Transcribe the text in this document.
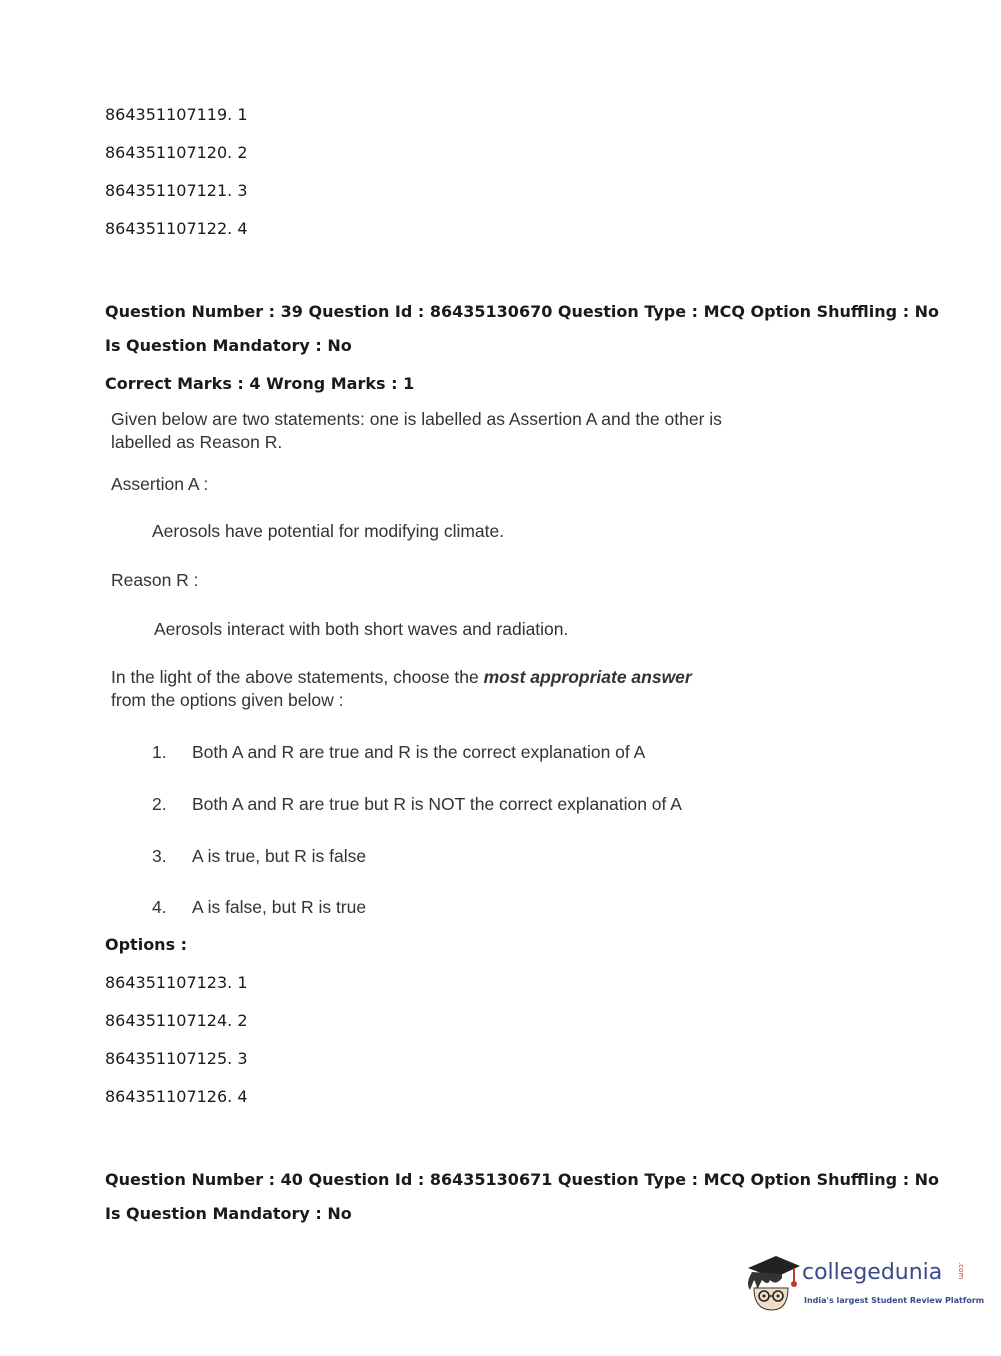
864351107119. 1
864351107120. 2
864351107121. 3
864351107122. 4
Question Number : 39 Question Id : 86435130670 Question Type : MCQ Option Shuffling : No
Is Question Mandatory : No
Correct Marks : 4 Wrong Marks : 1
Given below are two statements: one is labelled as Assertion A and the other is
labelled as Reason R.
Assertion A :
Aerosols have potential for modifying climate.
Reason R :
Aerosols interact with both short waves and radiation.
In the light of the above statements, choose the most appropriate answer
from the options given below :
1. Both A and R are true and R is the correct explanation of A
2. Both A and R are true but R is NOT the correct explanation of A
3. A is true, but R is false
4. A is false, but R is true
Options :
864351107123. 1
864351107124. 2
864351107125. 3
864351107126. 4
Question Number : 40 Question Id : 86435130671 Question Type : MCQ Option Shuffling : No
Is Question Mandatory : No
collegedunia .com
India's largest Student Review Platform
